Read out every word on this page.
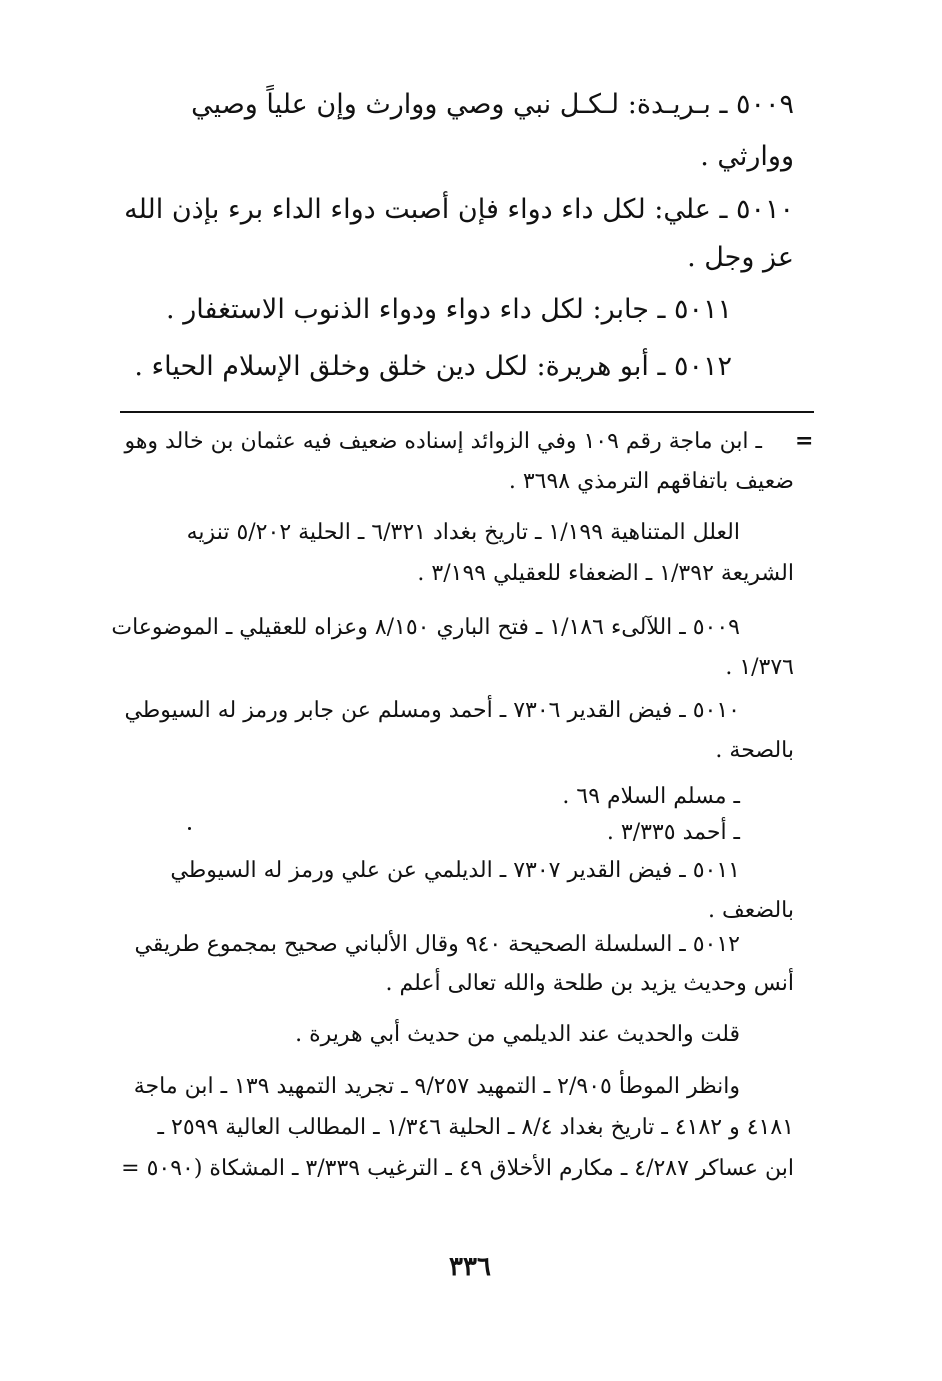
٥٠٠٩ ـ بـريـدة: لـكـل نبي وصي ووارث وإن علياً وصيي
ووارثي .
٥٠١٠ ـ علي: لكل داء دواء فإن أصبت دواء الداء برء بإذن الله
عز وجل .
٥٠١١ ـ جابر: لكل داء دواء ودواء الذنوب الاستغفار .
٥٠١٢ ـ أبو هريرة: لكل دين خلق وخلق الإسلام الحياء .
=
ـ ابن ماجة رقم ١٠٩ وفي الزوائد إسناده ضعيف فيه عثمان بن خالد وهو
ضعيف باتفاقهم الترمذي ٣٦٩٨ .
العلل المتناهية ١/١٩٩ ـ تاريخ بغداد ٦/٣٢١ ـ الحلية ٥/٢٠٢ تنزيه
الشريعة ١/٣٩٢ ـ الضعفاء للعقيلي ٣/١٩٩ .
٥٠٠٩ ـ اللآلىء ١/١٨٦ ـ فتح الباري ٨/١٥٠ وعزاه للعقيلي ـ الموضوعات
١/٣٧٦ .
٥٠١٠ ـ فيض القدير ٧٣٠٦ ـ أحمد ومسلم عن جابر ورمز له السيوطي
بالصحة .
ـ مسلم السلام ٦٩ .
ـ أحمد ٣/٣٣٥ .
٥٠١١ ـ فيض القدير ٧٣٠٧ ـ الديلمي عن علي ورمز له السيوطي
بالضعف .
٥٠١٢ ـ السلسلة الصحيحة ٩٤٠ وقال الألباني صحيح بمجموع طريقي
أنس وحديث يزيد بن طلحة والله تعالى أعلم .
قلت والحديث عند الديلمي من حديث أبي هريرة .
وانظر الموطأ ٢/٩٠٥ ـ التمهيد ٩/٢٥٧ ـ تجريد التمهيد ١٣٩ ـ ابن ماجة
٤١٨١ و ٤١٨٢ ـ تاريخ بغداد ٨/٤ ـ الحلية ١/٣٤٦ ـ المطالب العالية ٢٥٩٩ ـ
ابن عساكر ٤/٢٨٧ ـ مكارم الأخلاق ٤٩ ـ الترغيب ٣/٣٣٩ ـ المشكاة (٥٠٩٠ =
٣٣٦
